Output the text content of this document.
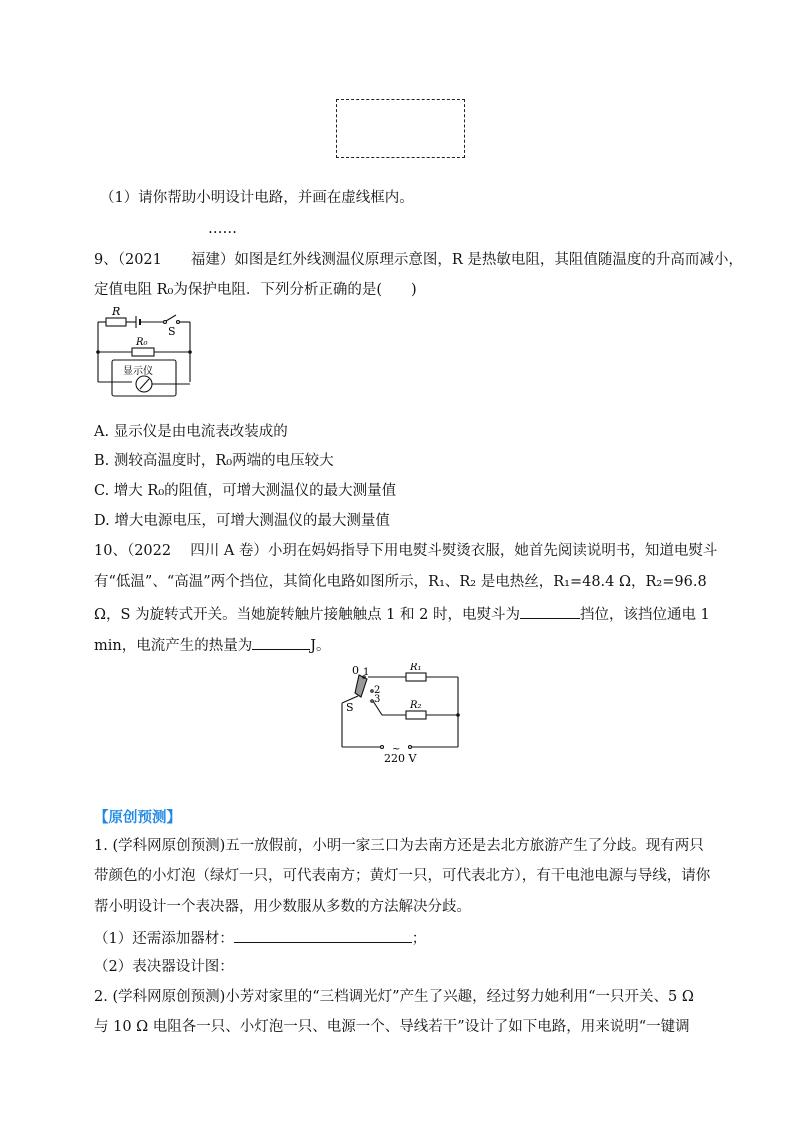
（1）请你帮助小明设计电路，并画在虚线框内。
……
9、（2021　　福建）如图是红外线测温仪原理示意图，R 是热敏电阻，其阻值随温度的升高而减小，
定值电阻 R₀为保护电阻．下列分析正确的是(　　)
R
S
R₀
显示仪
A. 显示仪是由电流表改装成的
B. 测较高温度时，R₀两端的电压较大
C. 增大 R₀的阻值，可增大测温仪的最大测量值
D. 增大电源电压，可增大测温仪的最大测量值
10、（2022　 四川 A 卷）小玥在妈妈指导下用电熨斗熨烫衣服，她首先阅读说明书，知道电熨斗
有“低温”、“高温”两个挡位，其简化电路如图所示，R₁、R₂ 是电热丝，R₁=48.4 Ω，R₂=96.8
Ω，S 为旋转式开关。当她旋转触片接触触点 1 和 2 时，电熨斗为	挡位，该挡位通电 1
min，电流产生的热量为	J。
0 1
2
3
S
R₁
R₂
~
220 V
【原创预测】
1. (学科网原创预测)五一放假前，小明一家三口为去南方还是去北方旅游产生了分歧。现有两只
带颜色的小灯泡（绿灯一只，可代表南方；黄灯一只，可代表北方），有干电池电源与导线，请你
帮小明设计一个表决器，用少数服从多数的方法解决分歧。
（1）还需添加器材：	；
（2）表决器设计图：
2. (学科网原创预测)小芳对家里的“三档调光灯”产生了兴趣，经过努力她利用“一只开关、5 Ω
与 10 Ω 电阻各一只、小灯泡一只、电源一个、导线若干”设计了如下电路，用来说明“一键调
